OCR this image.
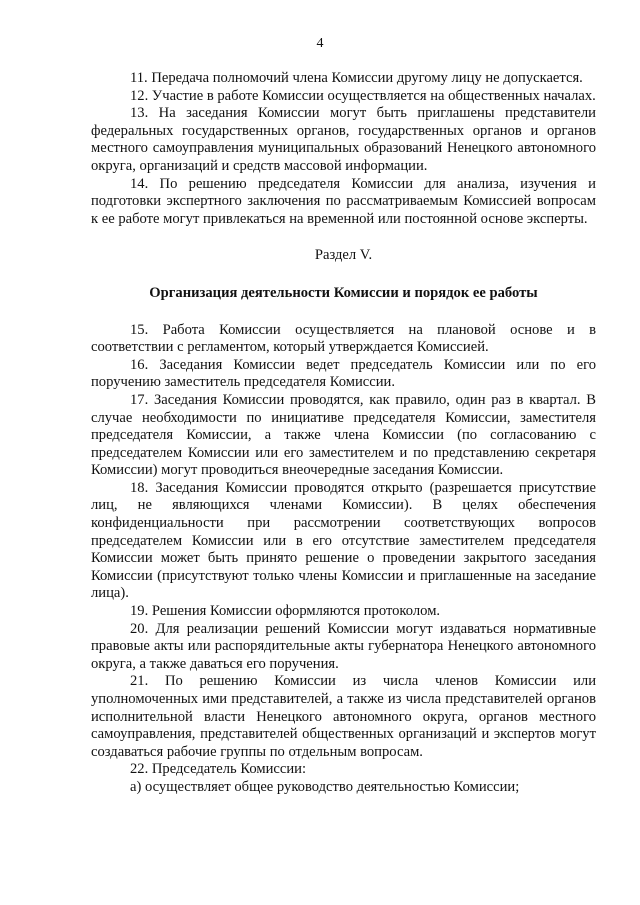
4

11. Передача полномочий члена Комиссии другому лицу не допускается.

12. Участие в работе Комиссии осуществляется на общественных началах.

13. На заседания Комиссии могут быть приглашены представители федеральных государственных органов, государственных органов и органов местного самоуправления муниципальных образований Ненецкого автономного округа, организаций и средств массовой информации.

14. По решению председателя Комиссии для анализа, изучения и подготовки экспертного заключения по рассматриваемым Комиссией вопросам к ее работе могут привлекаться на временной или постоянной основе эксперты.

Раздел V.

Организация деятельности Комиссии и порядок ее работы

15. Работа Комиссии осуществляется на плановой основе и в соответствии с регламентом, который утверждается Комиссией.

16. Заседания Комиссии ведет председатель Комиссии или по его поручению заместитель председателя Комиссии.

17. Заседания Комиссии проводятся, как правило, один раз в квартал. В случае необходимости по инициативе председателя Комиссии, заместителя председателя Комиссии, а также члена Комиссии (по согласованию с председателем Комиссии или его заместителем и по представлению секретаря Комиссии) могут проводиться внеочередные заседания Комиссии.

18. Заседания Комиссии проводятся открыто (разрешается присутствие лиц, не являющихся членами Комиссии). В целях обеспечения конфиденциальности при рассмотрении соответствующих вопросов председателем Комиссии или в его отсутствие заместителем председателя Комиссии может быть принято решение о проведении закрытого заседания Комиссии (присутствуют только члены Комиссии и приглашенные на заседание лица).

19. Решения Комиссии оформляются протоколом.

20. Для реализации решений Комиссии могут издаваться нормативные правовые акты или распорядительные акты губернатора Ненецкого автономного округа, а также даваться его поручения.

21. По решению Комиссии из числа членов Комиссии или уполномоченных ими представителей, а также из числа представителей органов исполнительной власти Ненецкого автономного округа, органов местного самоуправления, представителей общественных организаций и экспертов могут создаваться рабочие группы по отдельным вопросам.

22. Председатель Комиссии:

а) осуществляет общее руководство деятельностью Комиссии;
